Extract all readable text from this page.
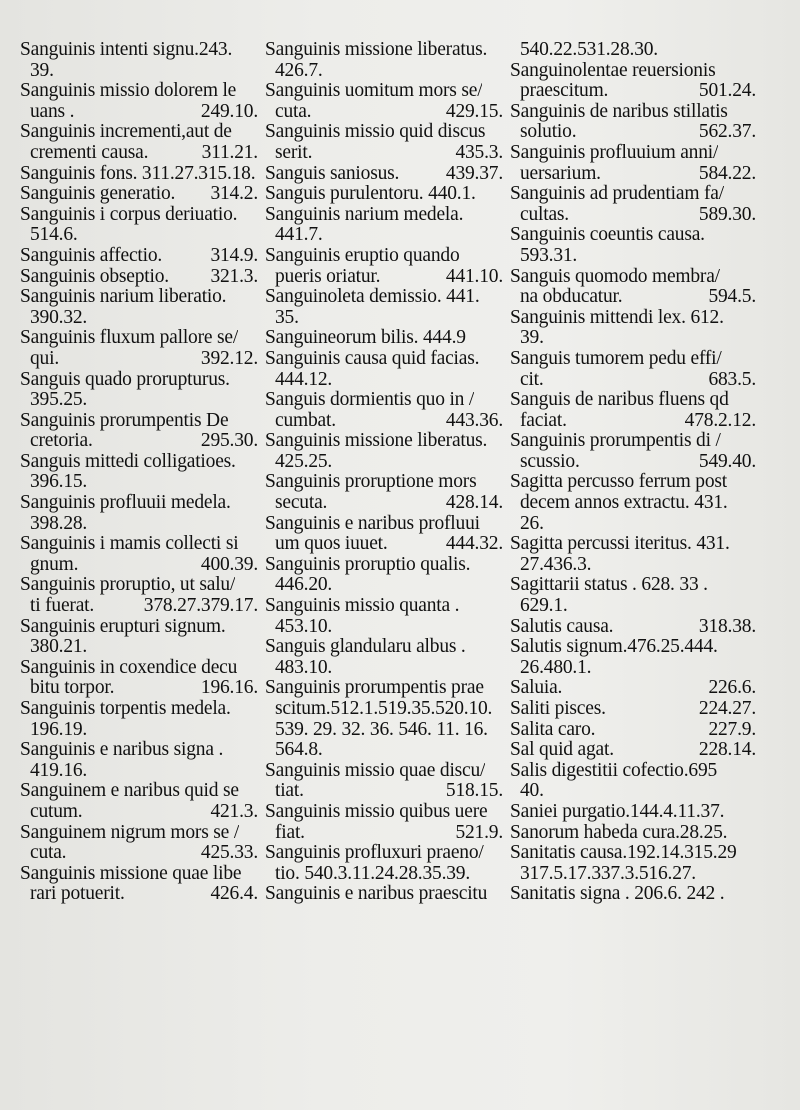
Sanguinis intenti signu.243.
39.
Sanguinis missio dolorem le
uans .	249.10.
Sanguinis incrementi,aut de
crementi causa.	311.21.
Sanguinis fons. 311.27.315.18.
Sanguinis generatio.	314.2.
Sanguinis i corpus deriuatio.
514.6.
Sanguinis affectio.	314.9.
Sanguinis obseptio.	321.3.
Sanguinis narium liberatio.
390.32.
Sanguinis fluxum pallore se/
qui.	392.12.
Sanguis quado prorupturus.
395.25.
Sanguinis prorumpentis De
cretoria.	295.30.
Sanguis mittedi colligatioes.
396.15.
Sanguinis profluuii medela.
398.28.
Sanguinis i mamis collecti si
gnum.	400.39.
Sanguinis proruptio, ut salu/
ti fuerat.	378.27.379.17.
Sanguinis erupturi signum.
380.21.
Sanguinis in coxendice decu
bitu torpor.	196.16.
Sanguinis torpentis medela.
196.19.
Sanguinis e naribus signa .
419.16.
Sanguinem e naribus quid se
cutum.	421.3.
Sanguinem nigrum mors se /
cuta.	425.33.
Sanguinis missione quae libe
rari potuerit.	426.4.
Sanguinis missione liberatus.
426.7.
Sanguinis uomitum mors se/
cuta.	429.15.
Sanguinis missio quid discus
serit.	435.3.
Sanguis saniosus.	439.37.
Sanguis purulentoru. 440.1.
Sanguinis narium medela.
441.7.
Sanguinis eruptio quando
pueris oriatur.	441.10.
Sanguinoleta demissio. 441.
35.
Sanguineorum bilis. 444.9
Sanguinis causa quid facias.
444.12.
Sanguis dormientis quo in /
cumbat.	443.36.
Sanguinis missione liberatus.
425.25.
Sanguinis proruptione mors
secuta.	428.14.
Sanguinis e naribus profluui
um quos iuuet.	444.32.
Sanguinis proruptio qualis.
446.20.
Sanguinis missio quanta .
453.10.
Sanguis glandularu albus .
483.10.
Sanguinis prorumpentis prae
scitum.512.1.519.35.520.10.
539. 29. 32. 36. 546. 11. 16.
564.8.
Sanguinis missio quae discu/
tiat.	518.15.
Sanguinis missio quibus uere
fiat.	521.9.
Sanguinis profluxuri praeno/
tio. 540.3.11.24.28.35.39.
Sanguinis e naribus praescitu
540.22.531.28.30.
Sanguinolentae reuersionis
praescitum.	501.24.
Sanguinis de naribus stillatis
solutio.	562.37.
Sanguinis profluuium anni/
uersarium.	584.22.
Sanguinis ad prudentiam fa/
cultas.	589.30.
Sanguinis coeuntis causa.
593.31.
Sanguis quomodo membra/
na obducatur.	594.5.
Sanguinis mittendi lex. 612.
39.
Sanguis tumorem pedu effi/
cit.	683.5.
Sanguis de naribus fluens qd
faciat.	478.2.12.
Sanguinis prorumpentis di /
scussio.	549.40.
Sagitta percusso ferrum post
decem annos extractu. 431.
26.
Sagitta percussi iteritus. 431.
27.436.3.
Sagittarii status . 628. 33 .
629.1.
Salutis causa.	318.38.
Salutis signum.476.25.444.
26.480.1.
Saluia.	226.6.
Saliti pisces.	224.27.
Salita caro.	227.9.
Sal quid agat.	228.14.
Salis digestitii cofectio.695
40.
Saniei purgatio.144.4.11.37.
Sanorum habeda cura.28.25.
Sanitatis causa.192.14.315.29
317.5.17.337.3.516.27.
Sanitatis signa . 206.6. 242 .
